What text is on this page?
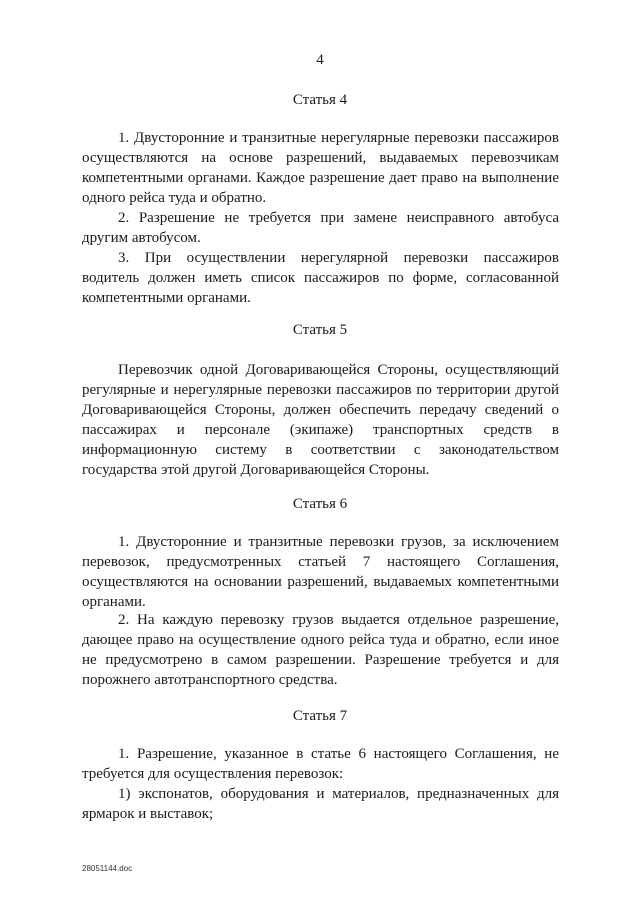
4
Статья 4

1. Двусторонние и транзитные нерегулярные перевозки пассажиров осуществляются на основе разрешений, выдаваемых перевозчикам компетентными органами. Каждое разрешение дает право на выполнение одного рейса туда и обратно.

2. Разрешение не требуется при замене неисправного автобуса другим автобусом.

3. При осуществлении нерегулярной перевозки пассажиров водитель должен иметь список пассажиров по форме, согласованной компетентными органами.

Статья 5

Перевозчик одной Договаривающейся Стороны, осуществляющий регулярные и нерегулярные перевозки пассажиров по территории другой Договаривающейся Стороны, должен обеспечить передачу сведений о пассажирах и персонале (экипаже) транспортных средств в информационную систему в соответствии с законодательством государства этой другой Договаривающейся Стороны.

Статья 6

1. Двусторонние и транзитные перевозки грузов, за исключением перевозок, предусмотренных статьей 7 настоящего Соглашения, осуществляются на основании разрешений, выдаваемых компетентными органами.

2. На каждую перевозку грузов выдается отдельное разрешение, дающее право на осуществление одного рейса туда и обратно, если иное не предусмотрено в самом разрешении. Разрешение требуется и для порожнего автотранспортного средства.

Статья 7

1. Разрешение, указанное в статье 6 настоящего Соглашения, не требуется для осуществления перевозок:

1) экспонатов, оборудования и материалов, предназначенных для ярмарок и выставок;

28051144.doc
